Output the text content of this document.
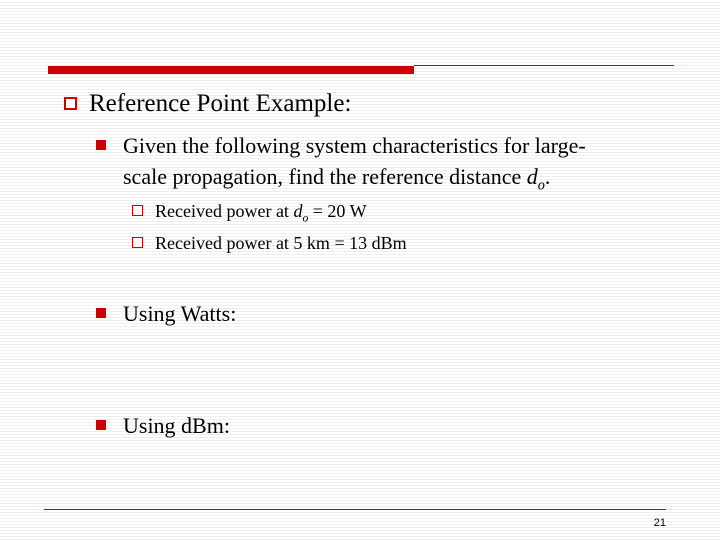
Reference Point Example:
Given the following system characteristics for large-
scale propagation, find the reference distance $d_o$.
Received power at $d_o = 20$ W
Received power at 5 km = 13 dBm
Using Watts:
Using dBm:
21
